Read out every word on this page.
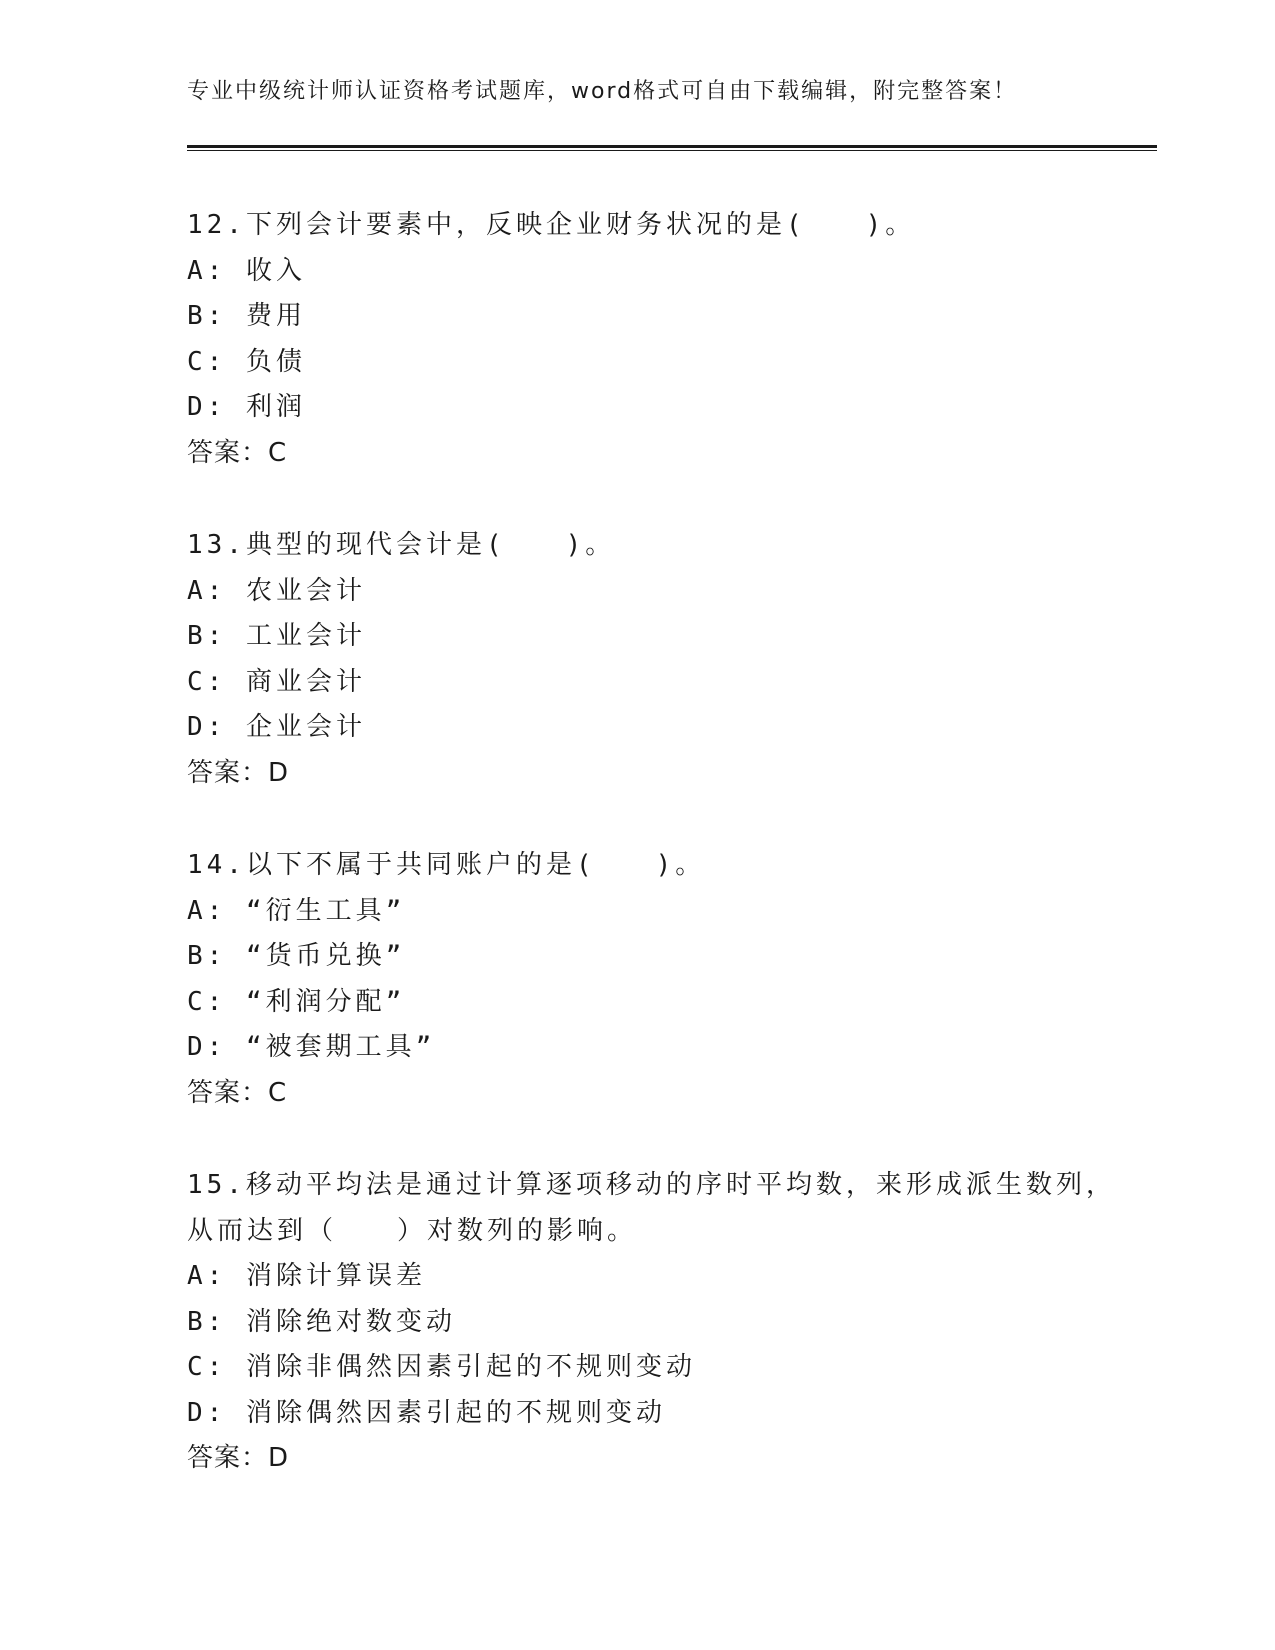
专业中级统计师认证资格考试题库，word格式可自由下载编辑，附完整答案！
12.下列会计要素中，反映企业财务状况的是(　　)。
A: 收入
B: 费用
C: 负债
D: 利润
答案：C
13.典型的现代会计是(　　)。
A: 农业会计
B: 工业会计
C: 商业会计
D: 企业会计
答案：D
14.以下不属于共同账户的是(　　)。
A: “衍生工具”
B: “货币兑换”
C: “利润分配”
D: “被套期工具”
答案：C
15.移动平均法是通过计算逐项移动的序时平均数，来形成派生数列，
从而达到（　　）对数列的影响。
A: 消除计算误差
B: 消除绝对数变动
C: 消除非偶然因素引起的不规则变动
D: 消除偶然因素引起的不规则变动
答案：D
